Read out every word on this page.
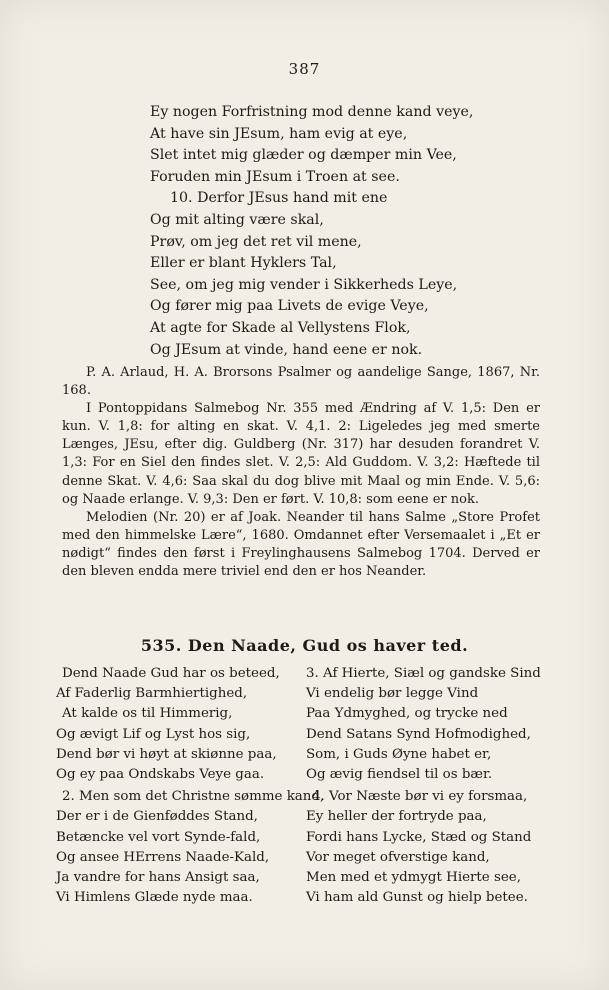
387
Ey nogen Forfristning mod denne kand veye,
At have sin JEsum, ham evig at eye,
Slet intet mig glæder og dæmper min Vee,
Foruden min JEsum i Troen at see.
10. Derfor JEsus hand mit ene
Og mit alting være skal,
Prøv, om jeg det ret vil mene,
Eller er blant Hyklers Tal,
See, om jeg mig vender i Sikkerheds Leye,
Og fører mig paa Livets de evige Veye,
At agte for Skade al Vellystens Flok,
Og JEsum at vinde, hand eene er nok.

P. A. Arlaud, H. A. Brorsons Psalmer og aandelige Sange, 1867, Nr. 168.

I Pontoppidans Salmebog Nr. 355 med Ændring af V. 1,5: Den er kun. V. 1,8: for alting en skat. V. 4,1. 2: Ligeledes jeg med smerte Længes, JEsu, efter dig. Guldberg (Nr. 317) har desuden forandret V. 1,3: For en Siel den findes slet. V. 2,5: Ald Guddom. V. 3,2: Hæftede til denne Skat. V. 4,6: Saa skal du dog blive mit Maal og min Ende. V. 5,6: og Naade erlange. V. 9,3: Den er ført. V. 10,8: som eene er nok.

Melodien (Nr. 20) er af Joak. Neander til hans Salme „Store Profet med den himmelske Lære“, 1680. Omdannet efter Versemaalet i „Et er nødigt“ findes den først i Freylinghausens Salmebog 1704. Derved er den bleven endda mere triviel end den er hos Neander.

535. Den Naade, Gud os haver ted.
Dend Naade Gud har os beteed,
Af Faderlig Barmhiertighed,
At kalde os til Himmerig,
Og ævigt Lif og Lyst hos sig,
Dend bør vi høyt at skiønne paa,
Og ey paa Ondskabs Veye gaa.
2. Men som det Christne sømme kand,
Der er i de Gienføddes Stand,
Betæncke vel vort Synde-fald,
Og ansee HErrens Naade-Kald,
Ja vandre for hans Ansigt saa,
Vi Himlens Glæde nyde maa.
3. Af Hierte, Siæl og gandske Sind
Vi endelig bør legge Vind
Paa Ydmyghed, og trycke ned
Dend Satans Synd Hofmodighed,
Som, i Guds Øyne habet er,
Og ævig fiendsel til os bær.
4. Vor Næste bør vi ey forsmaa,
Ey heller der fortryde paa,
Fordi hans Lycke, Stæd og Stand
Vor meget ofverstige kand,
Men med et ydmygt Hierte see,
Vi ham ald Gunst og hielp betee.
